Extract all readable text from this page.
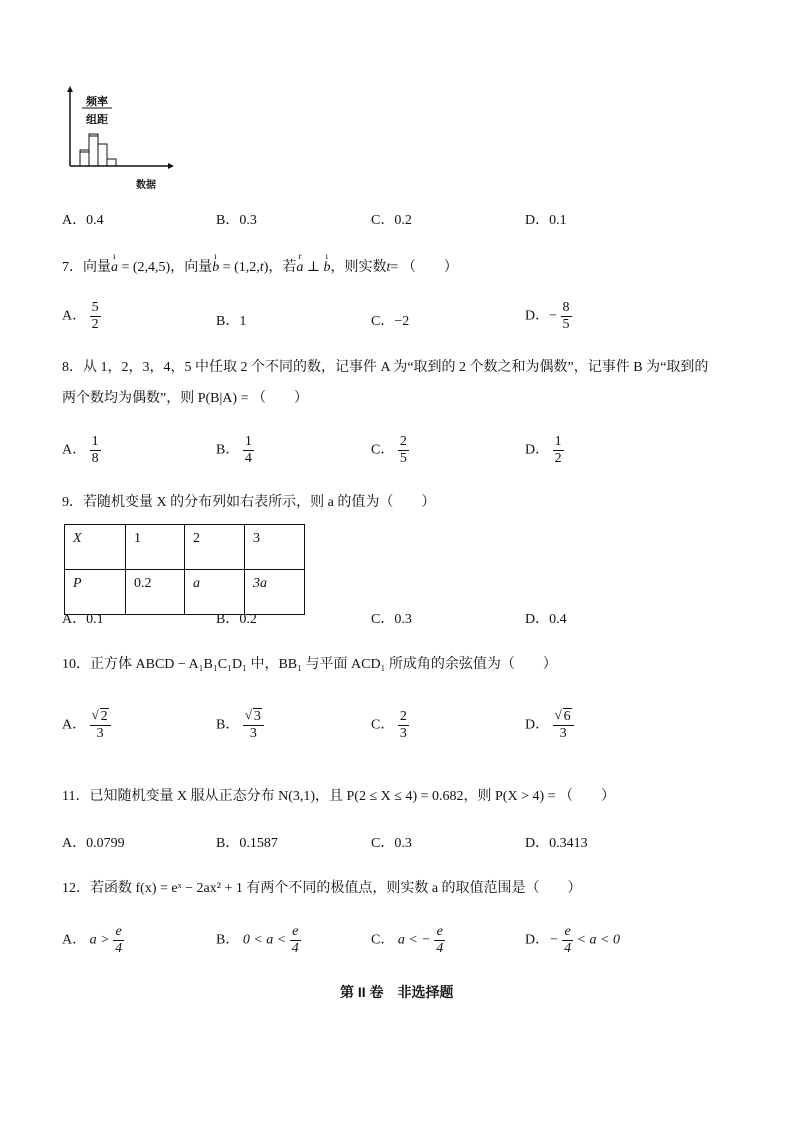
频率
组距
数据
A．0.4	B．0.3	C．0.2	D．0.1
7．向量
ı
a = (2,4,5)，向量
ı
b = (1,2,t)，若
r
a ⊥
ı
b，则实数t= （　　）
A． $\frac{5}{2}$	B．1	C．−2	D．− $\frac{8}{5}$
8．从 1，2，3，4，5 中任取 2 个不同的数，记事件 A 为“取到的 2 个数之和为偶数”，记事件 B 为“取到的
两个数均为偶数”，则 P(B|A) = （　　）
A． $\frac{1}{8}$	B． $\frac{1}{4}$	C． $\frac{2}{5}$	D． $\frac{1}{2}$
9．若随机变量 X 的分布列如右表所示，则 a 的值为（　　）
X	1	2	3
P	0.2	a	3a
A．0.1	B．0.2	C．0.3	D．0.4
10．正方体 ABCD − A₁B₁C₁D₁ 中，BB₁ 与平面 ACD₁ 所成角的余弦值为（　　）
A． $\frac{√ 2}{3}$	B． $\frac{√ 3}{3}$	C． $\frac{2}{3}$	D． $\frac{√ 6}{3}$
11．已知随机变量 X 服从正态分布 N(3,1)，且 P(2 ≤ X ≤ 4) = 0.682，则 P(X > 4) = （　　）
A．0.0799	B．0.1587	C．0.3	D．0.3413
12．若函数 f(x) = eˣ − 2ax² + 1 有两个不同的极值点，则实数 a 的取值范围是（　　）
A． $a > \frac{e}{4}$	B． $0 < a < \frac{e}{4}$	C． a < − $\frac{e}{4}$	D．− $\frac{e}{4} < a < 0$
第 II 卷　非选择题
